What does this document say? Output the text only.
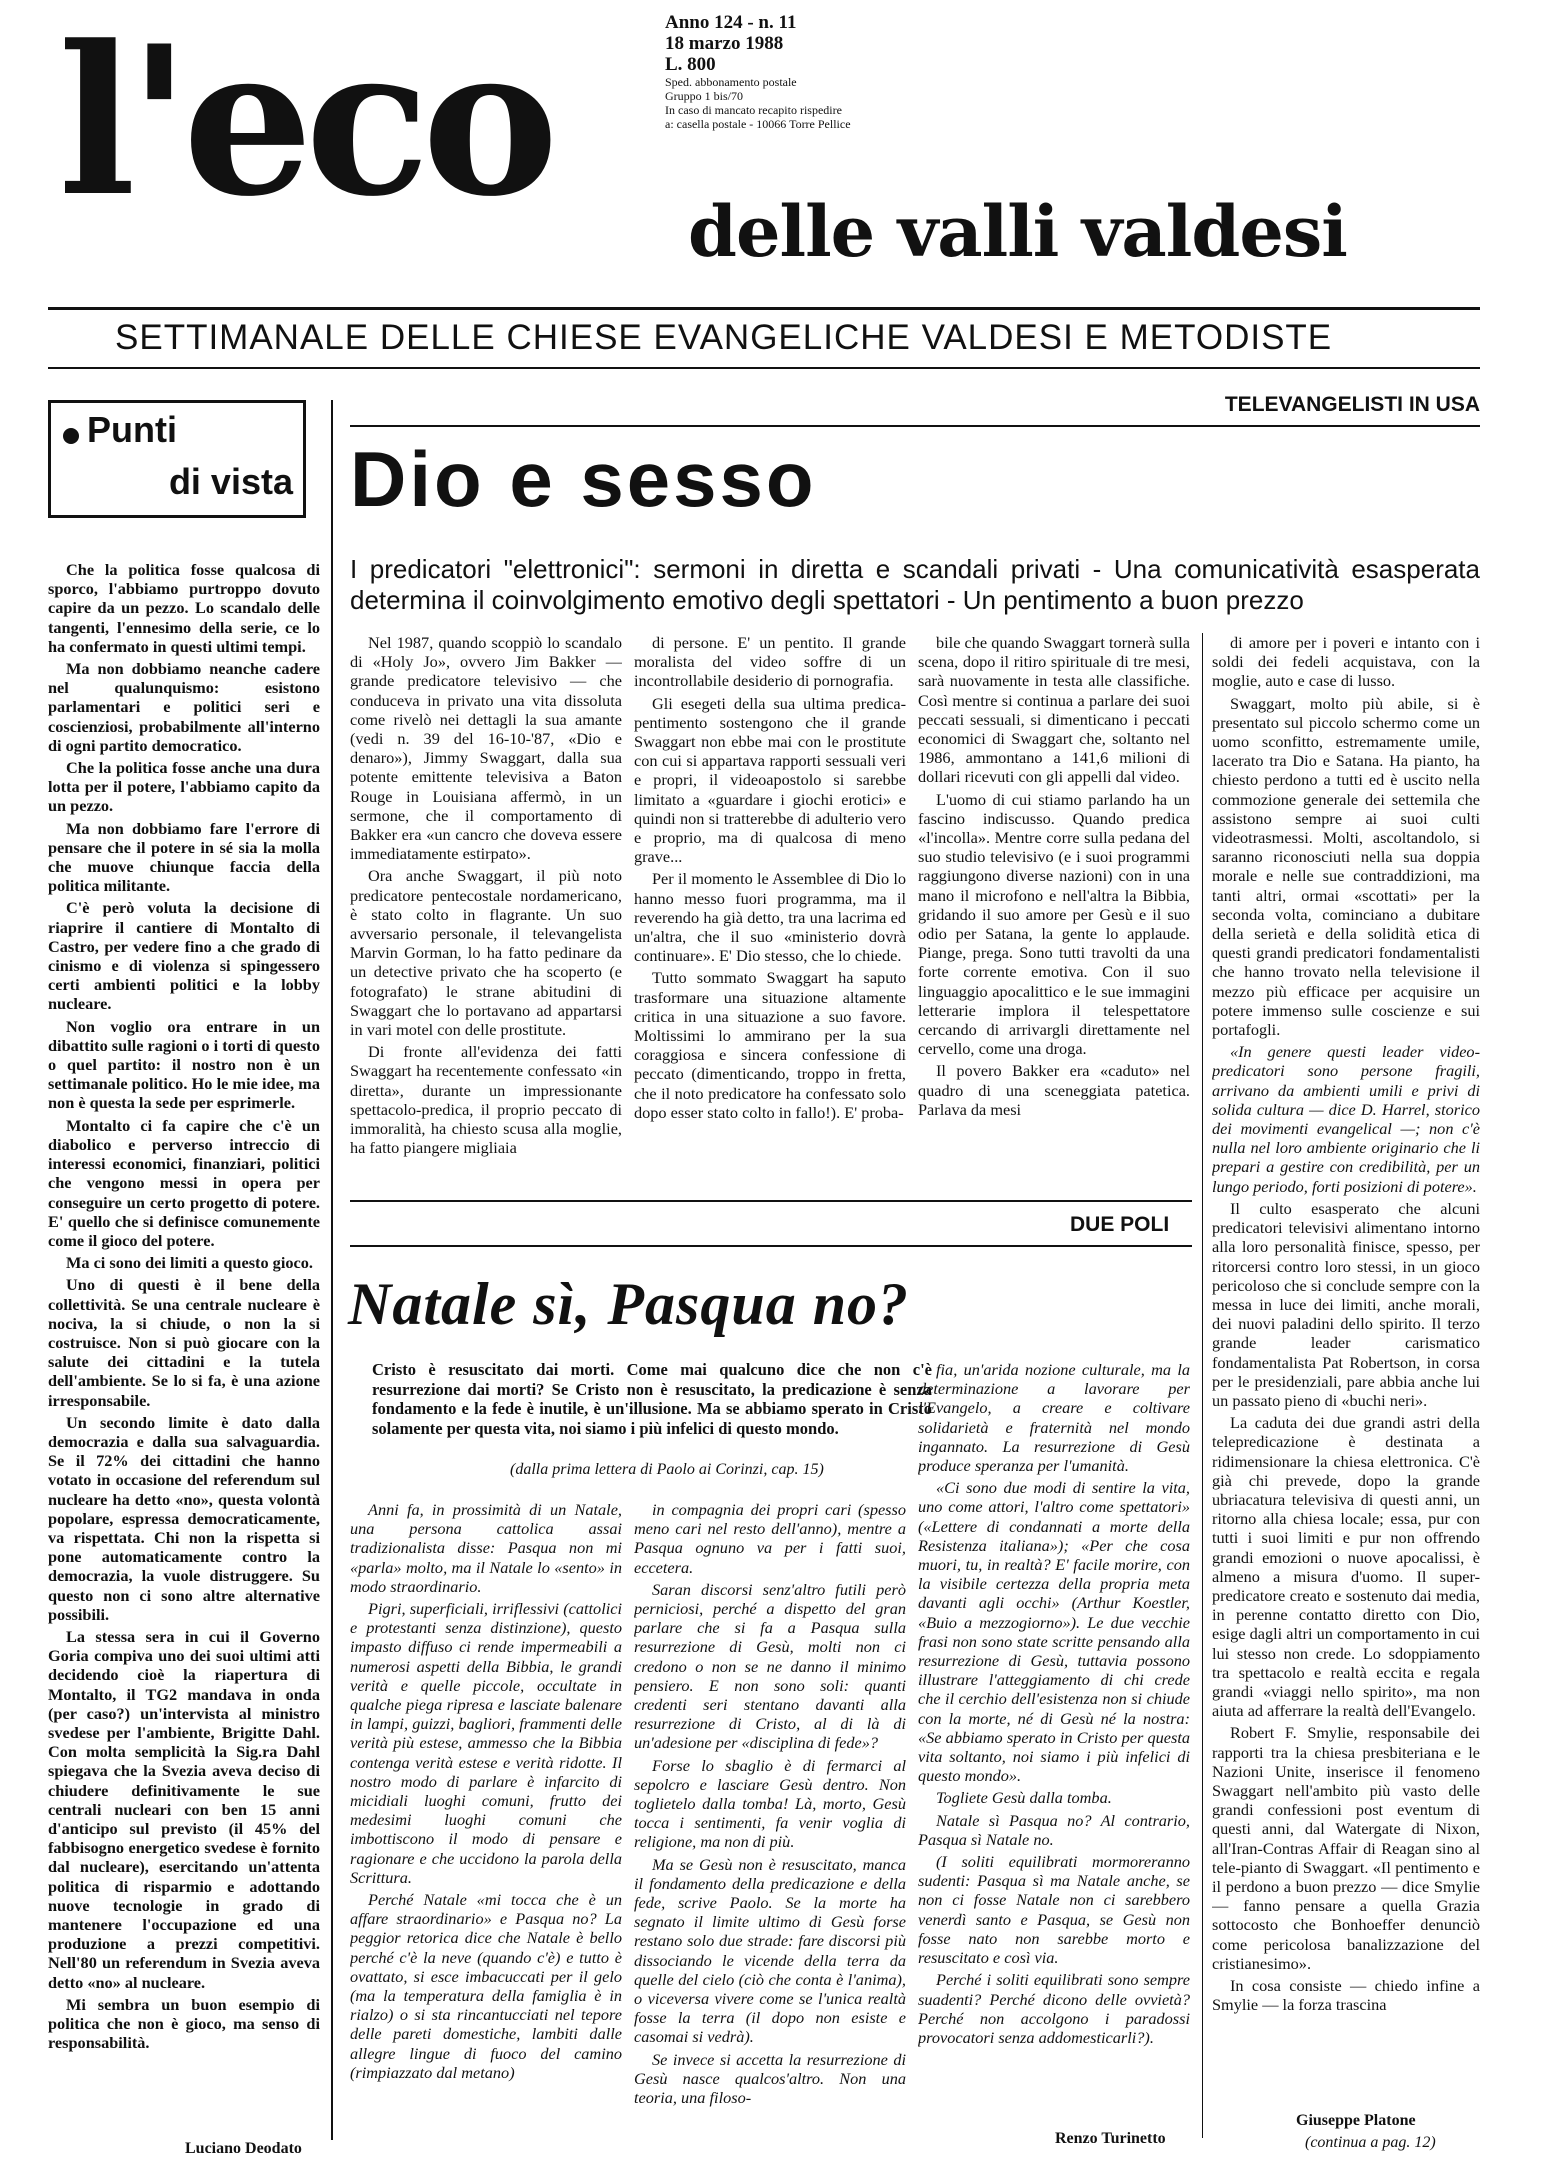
l'eco	Anno 124 - n. 11
18 marzo 1988
L. 800
Sped. abbonamento postale
Gruppo 1 bis/70
In caso di mancato recapito rispedire
a: casella postale - 10066 Torre Pellice
delle valli valdesi
SETTIMANALE DELLE CHIESE EVANGELICHE VALDESI E METODISTE
Punti
di vista

Che la politica fosse qualcosa di sporco, l'abbiamo purtroppo dovuto capire da un pezzo. Lo scandalo delle tangenti, l'ennesimo della serie, ce lo ha confermato in questi ultimi tempi.

Ma non dobbiamo neanche cadere nel qualunquismo: esistono parlamentari e politici seri e coscienziosi, probabilmente all'interno di ogni partito democratico.

Che la politica fosse anche una dura lotta per il potere, l'abbiamo capito da un pezzo.

Ma non dobbiamo fare l'errore di pensare che il potere in sé sia la molla che muove chiunque faccia della politica militante.

C'è però voluta la decisione di riaprire il cantiere di Montalto di Castro, per vedere fino a che grado di cinismo e di violenza si spingessero certi ambienti politici e la lobby nucleare.

Non voglio ora entrare in un dibattito sulle ragioni o i torti di questo o quel partito: il nostro non è un settimanale politico. Ho le mie idee, ma non è questa la sede per esprimerle.

Montalto ci fa capire che c'è un diabolico e perverso intreccio di interessi economici, finanziari, politici che vengono messi in opera per conseguire un certo progetto di potere. E' quello che si definisce comunemente come il gioco del potere.

Ma ci sono dei limiti a questo gioco.

Uno di questi è il bene della collettività. Se una centrale nucleare è nociva, la si chiude, o non la si costruisce. Non si può giocare con la salute dei cittadini e la tutela dell'ambiente. Se lo si fa, è una azione irresponsabile.

Un secondo limite è dato dalla democrazia e dalla sua salvaguardia. Se il 72% dei cittadini che hanno votato in occasione del referendum sul nucleare ha detto «no», questa volontà popolare, espressa democraticamente, va rispettata. Chi non la rispetta si pone automaticamente contro la democrazia, la vuole distruggere. Su questo non ci sono altre alternative possibili.

La stessa sera in cui il Governo Goria compiva uno dei suoi ultimi atti decidendo cioè la riapertura di Montalto, il TG2 mandava in onda (per caso?) un'intervista al ministro svedese per l'ambiente, Brigitte Dahl. Con molta semplicità la Sig.ra Dahl spiegava che la Svezia aveva deciso di chiudere definitivamente le sue centrali nucleari con ben 15 anni d'anticipo sul previsto (il 45% del fabbisogno energetico svedese è fornito dal nucleare), esercitando un'attenta politica di risparmio e adottando nuove tecnologie in grado di mantenere l'occupazione ed una produzione a prezzi competitivi. Nell'80 un referendum in Svezia aveva detto «no» al nucleare.

Mi sembra un buon esempio di politica che non è gioco, ma senso di responsabilità.

Luciano Deodato
TELEVANGELISTI IN USA
Dio e sesso
I predicatori "elettronici": sermoni in diretta e scandali privati - Una comunicatività esasperata determina il coinvolgimento emotivo degli spettatori - Un pentimento a buon prezzo

Nel 1987, quando scoppiò lo scandalo di «Holy Jo», ovvero Jim Bakker — grande predicatore televisivo — che conduceva in privato una vita dissoluta come rivelò nei dettagli la sua amante (vedi n. 39 del 16-10-'87, «Dio e denaro»), Jimmy Swaggart, dalla sua potente emittente televisiva a Baton Rouge in Louisiana affermò, in un sermone, che il comportamento di Bakker era «un cancro che doveva essere immediatamente estirpato».

Ora anche Swaggart, il più noto predicatore pentecostale nordamericano, è stato colto in flagrante. Un suo avversario personale, il televangelista Marvin Gorman, lo ha fatto pedinare da un detective privato che ha scoperto (e fotografato) le strane abitudini di Swaggart che lo portavano ad appartarsi in vari motel con delle prostitute.

Di fronte all'evidenza dei fatti Swaggart ha recentemente confessato «in diretta», durante un impressionante spettacolo-predica, il proprio peccato di immoralità, ha chiesto scusa alla moglie, ha fatto piangere migliaia

di persone. E' un pentito. Il grande moralista del video soffre di un incontrollabile desiderio di pornografia.

Gli esegeti della sua ultima predica-pentimento sostengono che il grande Swaggart non ebbe mai con le prostitute con cui si appartava rapporti sessuali veri e propri, il videoapostolo si sarebbe limitato a «guardare i giochi erotici» e quindi non si tratterebbe di adulterio vero e proprio, ma di qualcosa di meno grave...

Per il momento le Assemblee di Dio lo hanno messo fuori programma, ma il reverendo ha già detto, tra una lacrima ed un'altra, che il suo «ministerio dovrà continuare». E' Dio stesso, che lo chiede.

Tutto sommato Swaggart ha saputo trasformare una situazione altamente critica in una situazione a suo favore. Moltissimi lo ammirano per la sua coraggiosa e sincera confessione di peccato (dimenticando, troppo in fretta, che il noto predicatore ha confessato solo dopo esser stato colto in fallo!). E' proba-

bile che quando Swaggart tornerà sulla scena, dopo il ritiro spirituale di tre mesi, sarà nuovamente in testa alle classifiche. Così mentre si continua a parlare dei suoi peccati sessuali, si dimenticano i peccati economici di Swaggart che, soltanto nel 1986, ammontano a 141,6 milioni di dollari ricevuti con gli appelli dal video.

L'uomo di cui stiamo parlando ha un fascino indiscusso. Quando predica «l'incolla». Mentre corre sulla pedana del suo studio televisivo (e i suoi programmi raggiungono diverse nazioni) con in una mano il microfono e nell'altra la Bibbia, gridando il suo amore per Gesù e il suo odio per Satana, la gente lo applaude. Piange, prega. Sono tutti travolti da una forte corrente emotiva. Con il suo linguaggio apocalittico e le sue immagini letterarie implora il telespettatore cercando di arrivargli direttamente nel cervello, come una droga.

Il povero Bakker era «caduto» nel quadro di una sceneggiata patetica. Parlava da mesi

di amore per i poveri e intanto con i soldi dei fedeli acquistava, con la moglie, auto e case di lusso.

Swaggart, molto più abile, si è presentato sul piccolo schermo come un uomo sconfitto, estremamente umile, lacerato tra Dio e Satana. Ha pianto, ha chiesto perdono a tutti ed è uscito nella commozione generale dei settemila che assistono sempre ai suoi culti videotrasmessi. Molti, ascoltandolo, si saranno riconosciuti nella sua doppia morale e nelle sue contraddizioni, ma tanti altri, ormai «scottati» per la seconda volta, cominciano a dubitare della serietà e della solidità etica di questi grandi predicatori fondamentalisti che hanno trovato nella televisione il mezzo più efficace per acquisire un potere immenso sulle coscienze e sui portafogli.

«In genere questi leader video-predicatori sono persone fragili, arrivano da ambienti umili e privi di solida cultura — dice D. Harrel, storico dei movimenti evangelical —; non c'è nulla nel loro ambiente originario che li prepari a gestire con credibilità, per un lungo periodo, forti posizioni di potere».

Il culto esasperato che alcuni predicatori televisivi alimentano intorno alla loro personalità finisce, spesso, per ritorcersi contro loro stessi, in un gioco pericoloso che si conclude sempre con la messa in luce dei limiti, anche morali, dei nuovi paladini dello spirito. Il terzo grande leader carismatico fondamentalista Pat Robertson, in corsa per le presidenziali, pare abbia anche lui un passato pieno di «buchi neri».

La caduta dei due grandi astri della telepredicazione è destinata a ridimensionare la chiesa elettronica. C'è già chi prevede, dopo la grande ubriacatura televisiva di questi anni, un ritorno alla chiesa locale; essa, pur con tutti i suoi limiti e pur non offrendo grandi emozioni o nuove apocalissi, è almeno a misura d'uomo. Il super-predicatore creato e sostenuto dai media, in perenne contatto diretto con Dio, esige dagli altri un comportamento in cui lui stesso non crede. Lo sdoppiamento tra spettacolo e realtà eccita e regala grandi «viaggi nello spirito», ma non aiuta ad afferrare la realtà dell'Evangelo.

Robert F. Smylie, responsabile dei rapporti tra la chiesa presbiteriana e le Nazioni Unite, inserisce il fenomeno Swaggart nell'ambito più vasto delle grandi confessioni post eventum di questi anni, dal Watergate di Nixon, all'Iran-Contras Affair di Reagan sino al tele-pianto di Swaggart. «Il pentimento e il perdono a buon prezzo — dice Smylie — fanno pensare a quella Grazia sottocosto che Bonhoeffer denunciò come pericolosa banalizzazione del cristianesimo».

In cosa consiste — chiedo infine a Smylie — la forza trascina

Giuseppe Platone
(continua a pag. 12)
DUE POLI
Natale sì, Pasqua no?
Cristo è resuscitato dai morti. Come mai qualcuno dice che non c'è resurrezione dai morti? Se Cristo non è resuscitato, la predicazione è senza fondamento e la fede è inutile, è un'illusione. Ma se abbiamo sperato in Cristo solamente per questa vita, noi siamo i più infelici di questo mondo.
(dalla prima lettera di Paolo ai Corinzi, cap. 15)

Anni fa, in prossimità di un Natale, una persona cattolica assai tradizionalista disse: Pasqua non mi «parla» molto, ma il Natale lo «sento» in modo straordinario.

Pigri, superficiali, irriflessivi (cattolici e protestanti senza distinzione), questo impasto diffuso ci rende impermeabili a numerosi aspetti della Bibbia, le grandi verità e quelle piccole, occultate in qualche piega ripresa e lasciate balenare in lampi, guizzi, bagliori, frammenti delle verità più estese, ammesso che la Bibbia contenga verità estese e verità ridotte. Il nostro modo di parlare è infarcito di micidiali luoghi comuni, frutto dei medesimi luoghi comuni che imbottiscono il modo di pensare e ragionare e che uccidono la parola della Scrittura.

Perché Natale «mi tocca che è un affare straordinario» e Pasqua no? La peggior retorica dice che Natale è bello perché c'è la neve (quando c'è) e tutto è ovattato, si esce imbacuccati per il gelo (ma la temperatura della famiglia è in rialzo) o si sta rincantucciati nel tepore delle pareti domestiche, lambiti dalle allegre lingue di fuoco del camino (rimpiazzato dal metano)

in compagnia dei propri cari (spesso meno cari nel resto dell'anno), mentre a Pasqua ognuno va per i fatti suoi, eccetera.

Saran discorsi senz'altro futili però perniciosi, perché a dispetto del gran parlare che si fa a Pasqua sulla resurrezione di Gesù, molti non ci credono o non se ne danno il minimo pensiero. E non sono soli: quanti credenti seri stentano davanti alla resurrezione di Cristo, al di là di un'adesione per «disciplina di fede»?

Forse lo sbaglio è di fermarci al sepolcro e lasciare Gesù dentro. Non toglietelo dalla tomba! Là, morto, Gesù tocca i sentimenti, fa venir voglia di religione, ma non di più.

Ma se Gesù non è resuscitato, manca il fondamento della predicazione e della fede, scrive Paolo. Se la morte ha segnato il limite ultimo di Gesù forse restano solo due strade: fare discorsi più dissociando le vicende della terra da quelle del cielo (ciò che conta è l'anima), o viceversa vivere come se l'unica realtà fosse la terra (il dopo non esiste e casomai si vedrà).

Se invece si accetta la resurrezione di Gesù nasce qualcos'altro. Non una teoria, una filoso-

fia, un'arida nozione culturale, ma la determinazione a lavorare per l'Evangelo, a creare e coltivare solidarietà e fraternità nel mondo ingannato. La resurrezione di Gesù produce speranza per l'umanità.

«Ci sono due modi di sentire la vita, uno come attori, l'altro come spettatori» («Lettere di condannati a morte della Resistenza italiana»); «Per che cosa muori, tu, in realtà? E' facile morire, con la visibile certezza della propria meta davanti agli occhi» (Arthur Koestler, «Buio a mezzogiorno»). Le due vecchie frasi non sono state scritte pensando alla resurrezione di Gesù, tuttavia possono illustrare l'atteggiamento di chi crede che il cerchio dell'esistenza non si chiude con la morte, né di Gesù né la nostra: «Se abbiamo sperato in Cristo per questa vita soltanto, noi siamo i più infelici di questo mondo».

Togliete Gesù dalla tomba.

Natale sì Pasqua no? Al contrario, Pasqua sì Natale no.

(I soliti equilibrati mormoreranno sudenti: Pasqua sì ma Natale anche, se non ci fosse Natale non ci sarebbero venerdì santo e Pasqua, se Gesù non fosse nato non sarebbe morto e resuscitato e così via.

Perché i soliti equilibrati sono sempre suadenti? Perché dicono delle ovvietà? Perché non accolgono i paradossi provocatori senza addomesticarli?).

Renzo Turinetto
